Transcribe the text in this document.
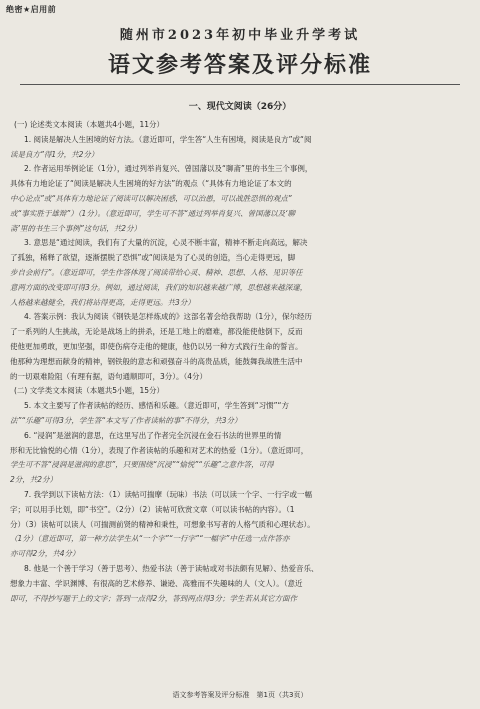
绝密★启用前
随州市2023年初中毕业升学考试
语文参考答案及评分标准
一、现代文阅读（26分）
(一) 论述类文本阅读（本题共4小题，11分）
1. 阅读是解决人生困境的好方法。（意近即可，学生答“人生有困境，阅读是良方”或“阅
读是良方”得1分，共2分）
2. 作者运用举例论证（1分），通过列举肖复兴、曾国藩以及“聊斋”里的书生三个事例，
具体有力地论证了“阅读是解决人生困境的好方法”的观点（“具体有力地论证了本文的
中心论点”或“具体有力地论证了阅读可以解决困惑，可以治愚，可以战胜恐惧的观点”
或“事实胜于雄辩”）（1分）。（意近即可，学生可不答“通过列举肖复兴、曾国藩以及‘聊
斋’里的书生三个事例”这句话，共2分）
3. 意思是“通过阅读，我们有了大量的沉淀，心灵不断丰富，精神不断走向高远，解决
了孤独，稀释了欲望，逐渐摆脱了恐惧”或“阅读是为了心灵的创造，当心走得更远，脚
步自会前行”。（意近即可，学生作答体现了阅读带给心灵、精神、思想、人格、见识等任
意两方面的改变即可得3分。例如，通过阅读，我们的知识越来越广博，思想越来越深邃，
人格越来越健全，我们将站得更高，走得更远。共3分）
4. 答案示例：我认为阅读《钢铁是怎样炼成的》这部名著会给我帮助（1分），保尔经历
了一系列的人生挑战，无论是战场上的拼杀，还是工地上的磨难，都没能使他倒下，反而
使他更加勇敢，更加坚强，即使伤病夺走他的健康，他仍以另一种方式践行生命的誓言。
他那种为理想而献身的精神，钢铁般的意志和顽强奋斗的高贵品质，能鼓舞我战胜生活中
的一切艰难险阻（有理有据，语句通顺即可，3分）。（4分）
(二) 文学类文本阅读（本题共5小题，15分）
5. 本文主要写了作者读帖的经历、感悟和乐趣。（意近即可，学生答到“习惯”“方
法”“乐趣”可得3分，学生答“本文写了作者读帖的事”不得分，共3分）
6. “浸润”是滋润的意思，在这里写出了作者完全沉浸在金石书法的世界里的情
形和无比愉悦的心情（1分），表现了作者读帖的乐趣和对艺术的热爱（1分）。（意近即可，
学生可不答“浸润是滋润的意思”，只要围绕“沉浸”“愉悦”“乐趣”之意作答，可得
2分，共2分）
7. 我学到以下读帖方法：（1）读帖可揣摩（玩味）书法（可以读一个字、一行字或一幅
字；可以用手比划，即“书空”。（2分）（2）读帖可欣赏文章（可以读书帖的内容）。（1
分）（3）读帖可以读人（可揣测前贤的精神和秉性，可想象书写者的人格气质和心理状态）。
（1分）（意近即可，第一种方法学生从“一个字”“一行字”“一幅字”中任选一点作答亦
亦可得2分，共4分）
8. 他是一个善于学习（善于思考）、热爱书法（善于读帖或对书法颇有见解）、热爱音乐、
想象力丰富、学识渊博、有很高的艺术修养、谦逊、高雅而不失趣味的人（文人）。（意近
即可，不得抄写题干上的文字；答到一点得2分，答到两点得3分；学生若从其它方面作
语文参考答案及评分标准　第1页（共3页）
